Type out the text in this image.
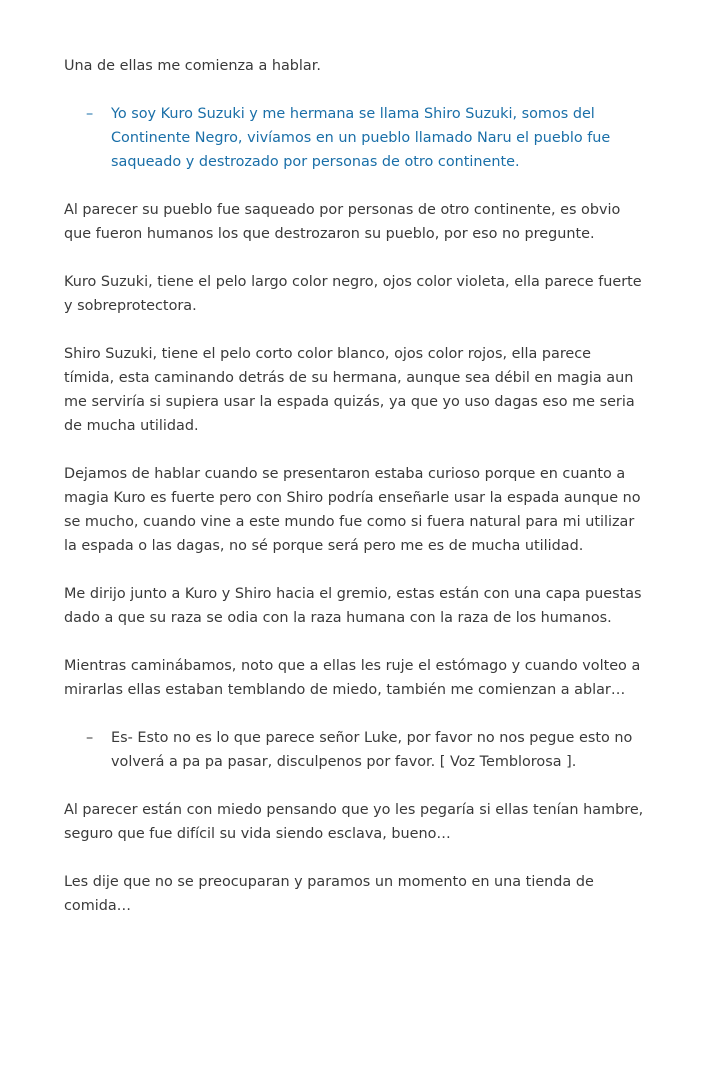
Una de ellas me comienza a hablar.

– Yo soy Kuro Suzuki y me hermana se llama Shiro Suzuki, somos del Continente Negro, vivíamos en un pueblo llamado Naru el pueblo fue saqueado y destrozado por personas de otro continente.

Al parecer su pueblo fue saqueado por personas de otro continente, es obvio que fueron humanos los que destrozaron su pueblo, por eso no pregunte.

Kuro Suzuki, tiene el pelo largo color negro, ojos color violeta, ella parece fuerte y sobreprotectora.

Shiro Suzuki, tiene el pelo corto color blanco, ojos color rojos, ella parece tímida, esta caminando detrás de su hermana, aunque sea débil en magia aun me serviría si supiera usar la espada quizás, ya que yo uso dagas eso me seria de mucha utilidad.

Dejamos de hablar cuando se presentaron estaba curioso porque en cuanto a magia Kuro es fuerte pero con Shiro podría enseñarle usar la espada aunque no se mucho, cuando vine a este mundo fue como si fuera natural para mi utilizar la espada o las dagas, no sé porque será pero me es de mucha utilidad.

Me dirijo junto a Kuro y Shiro hacia el gremio, estas están con una capa puestas dado a que su raza se odia con la raza humana con la raza de los humanos.

Mientras caminábamos, noto que a ellas les ruje el estómago y cuando volteo a mirarlas ellas estaban temblando de miedo, también me comienzan a ablar…

– Es- Esto no es lo que parece señor Luke, por favor no nos pegue esto no volverá a pa pa pasar, disculpenos por favor. [ Voz Temblorosa ].

Al parecer están con miedo pensando que yo les pegaría si ellas tenían hambre, seguro que fue difícil su vida siendo esclava, bueno…

Les dije que no se preocuparan y paramos un momento en una tienda de comida…
